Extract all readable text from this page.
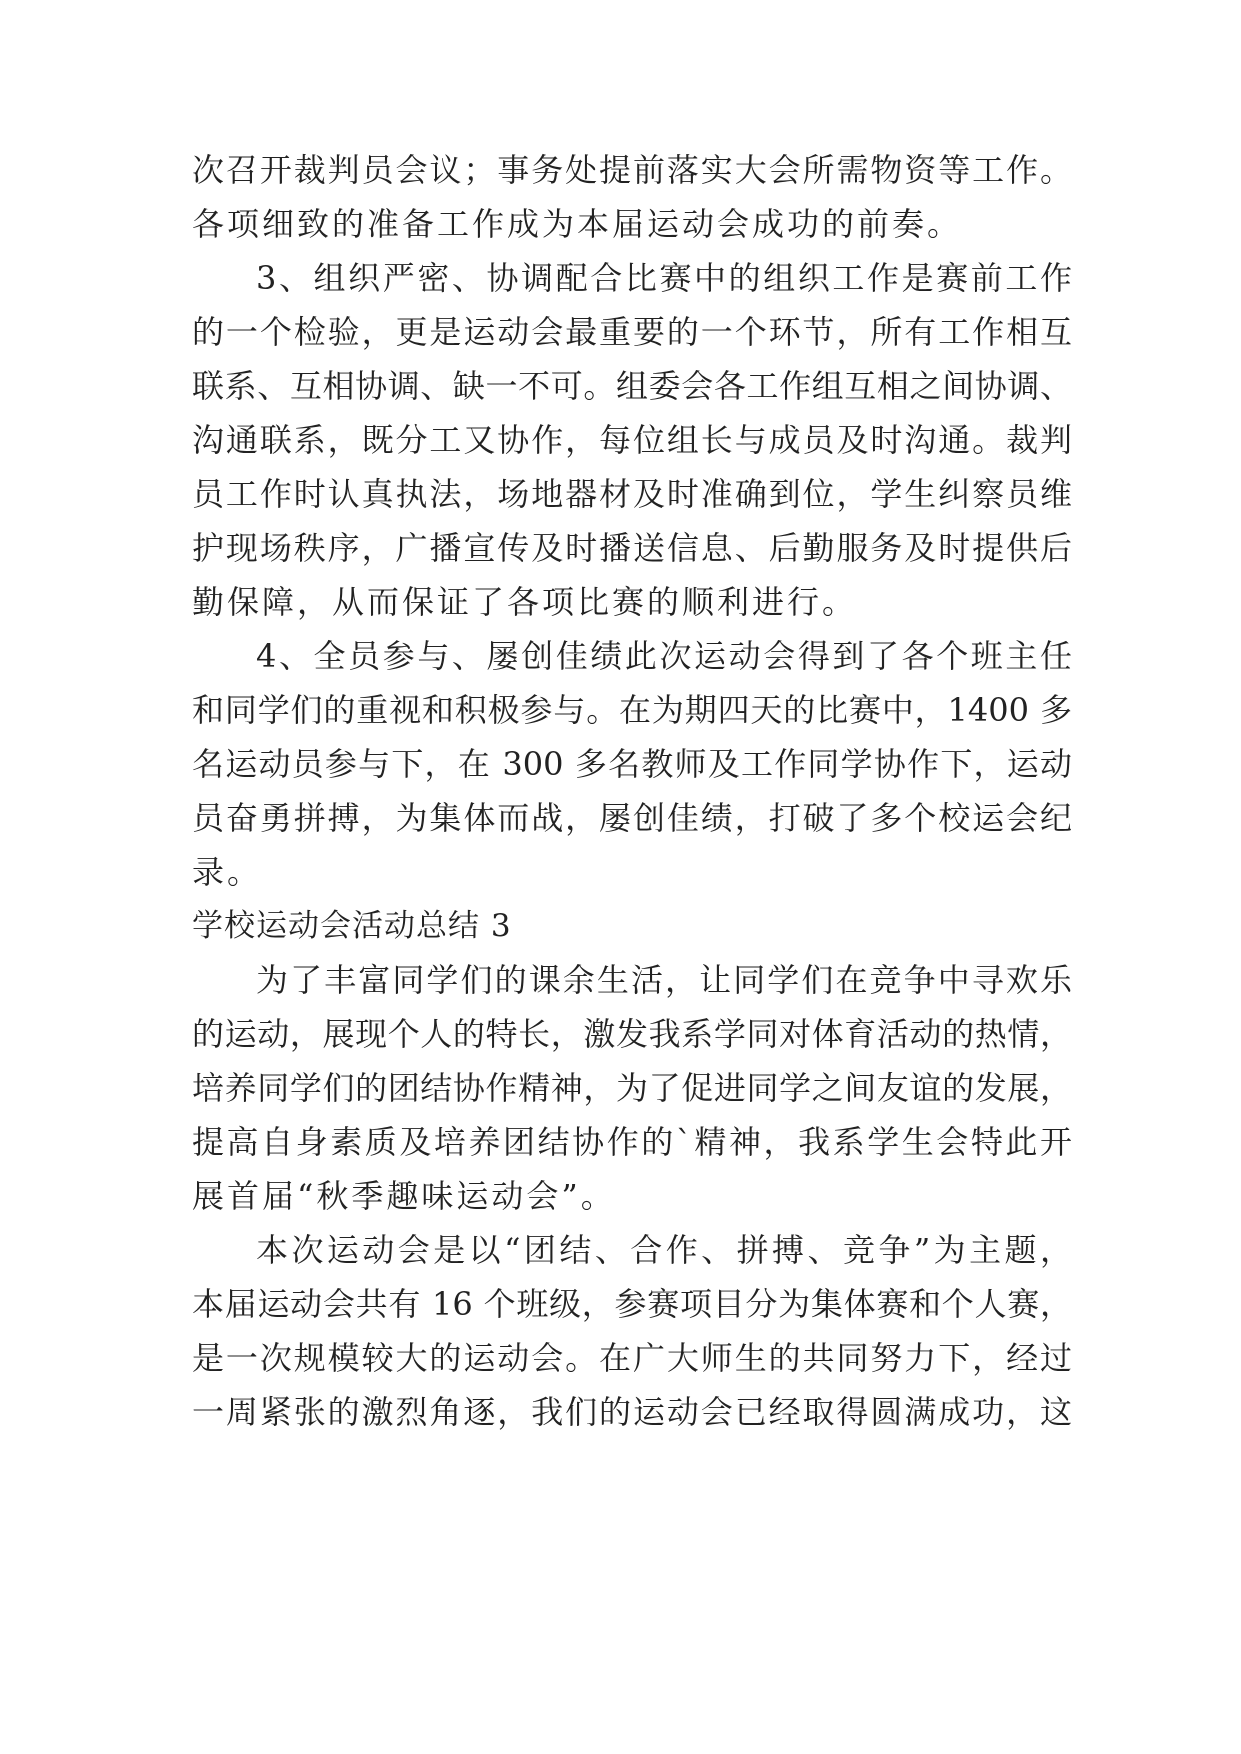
次召开裁判员会议；事务处提前落实大会所需物资等工作。
各项细致的准备工作成为本届运动会成功的前奏。
3、组织严密、协调配合比赛中的组织工作是赛前工作
的一个检验，更是运动会最重要的一个环节，所有工作相互
联系、互相协调、缺一不可。组委会各工作组互相之间协调、
沟通联系，既分工又协作，每位组长与成员及时沟通。裁判
员工作时认真执法，场地器材及时准确到位，学生纠察员维
护现场秩序，广播宣传及时播送信息、后勤服务及时提供后
勤保障，从而保证了各项比赛的顺利进行。
4、全员参与、屡创佳绩此次运动会得到了各个班主任
和同学们的重视和积极参与。在为期四天的比赛中，1400 多
名运动员参与下，在 300 多名教师及工作同学协作下，运动
员奋勇拼搏，为集体而战，屡创佳绩，打破了多个校运会纪
录。
学校运动会活动总结 3
为了丰富同学们的课余生活，让同学们在竞争中寻欢乐
的运动，展现个人的特长，激发我系学同对体育活动的热情，
培养同学们的团结协作精神，为了促进同学之间友谊的发展，
提高自身素质及培养团结协作的`精神，我系学生会特此开
展首届“秋季趣味运动会”。
本次运动会是以“团结、合作、拼搏、竞争”为主题，
本届运动会共有 16 个班级，参赛项目分为集体赛和个人赛，
是一次规模较大的运动会。在广大师生的共同努力下，经过
一周紧张的激烈角逐，我们的运动会已经取得圆满成功，这
